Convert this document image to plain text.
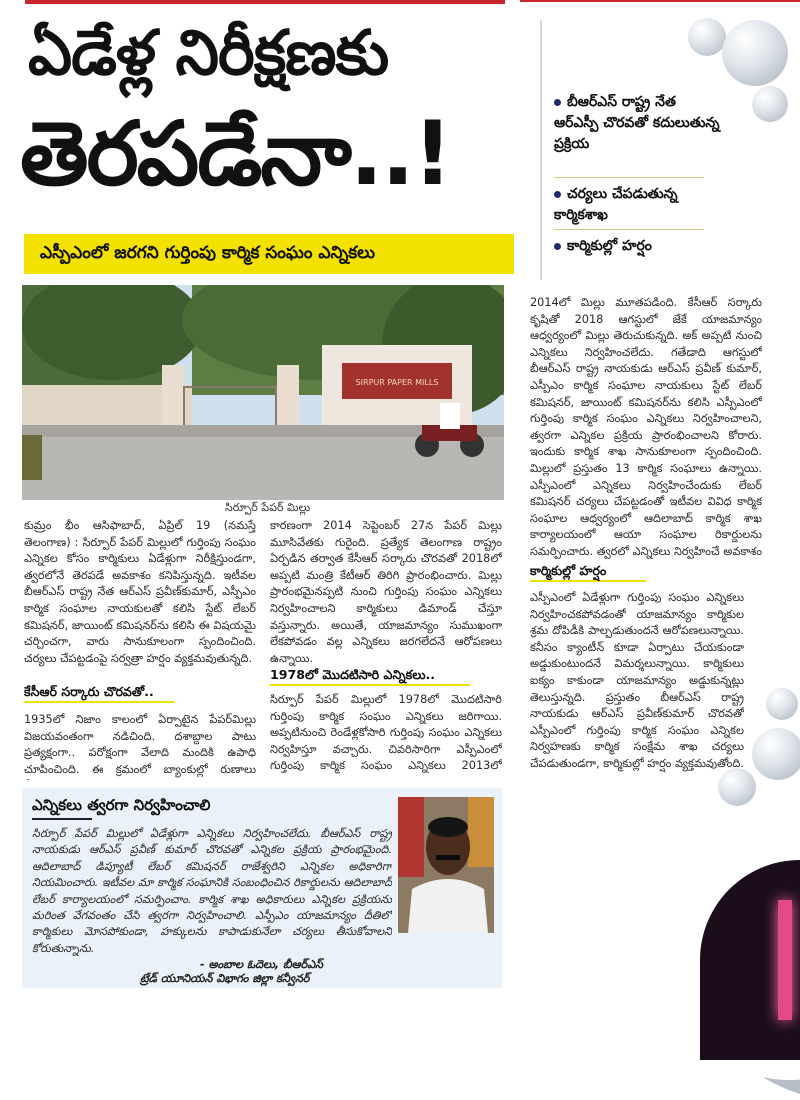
ఏడేళ్ల నిరీక్షణకు
తెరపడేనా..!
ఎస్పీఎంలో జరగని గుర్తింపు కార్మిక సంఘం ఎన్నికలు
బీఆర్ఎస్ రాష్ట్ర నేత ఆర్ఎస్పీ చొరవతో కదులుతున్న ప్రక్రియ
చర్యలు చేపడుతున్న కార్మికశాఖ
కార్మికుల్లో హర్షం
SIRPUR PAPER MILLS
సిర్పూర్ పేపర్ మిల్లు
కుమ్రం భీం ఆసిఫాబాద్, ఏప్రిల్ 19 (నమస్తే తెలంగాణ) : సిర్పూర్ పేపర్ మిల్లులో గుర్తింపు సంఘం ఎన్నికల కోసం కార్మికులు ఏడేళ్లుగా నిరీక్షిస్తుండగా, త్వరలోనే తెరపడే అవకాశం కనిపిస్తున్నది. ఇటీవల బీఆర్ఎస్ రాష్ట్ర నేత ఆర్ఎస్ ప్రవీణ్‌కుమార్, ఎస్పీఎం కార్మిక సంఘాల నాయకులతో కలిసి స్టేట్ లేబర్ కమిషనర్, జాయింట్ కమిషనర్‌ను కలిసి ఈ విషయమై చర్చించగా, వారు సానుకూలంగా స్పందించింది. చర్యలు చేపట్టడంపై సర్వత్రా హర్షం వ్యక్తమవుతున్నది.
కేసీఆర్ సర్కారు చొరవతో..
1935లో నిజాం కాలంలో ఏర్పాటైన పేపర్‌మిల్లు విజయవంతంగా నడిచింది. దశాబ్దాల పాటు ప్రత్యక్షంగా.. పరోక్షంగా వేలాది మందికి ఉపాధి చూపించింది. ఈ క్రమంలో బ్యాంకుల్లో రుణాలు
కారణంగా 2014 సెప్టెంబర్ 27న పేపర్ మిల్లు మూసివేతకు గురైంది. ప్రత్యేక తెలంగాణ రాష్ట్రం ఏర్పడిన తర్వాత కేసీఆర్ సర్కారు చొరవతో 2018లో అప్పటి మంత్రి కేటీఆర్ తిరిగి ప్రారంభించారు. మిల్లు ప్రారంభమైనప్పటి నుంచి గుర్తింపు సంఘం ఎన్నికలు నిర్వహించాలని కార్మికులు డిమాండ్ చేస్తూ వస్తున్నారు. అయితే, యాజమాన్యం సుముఖంగా లేకపోవడం వల్ల ఎన్నికలు జరగలేదనే ఆరోపణలు ఉన్నాయి.
1978లో మొదటిసారి ఎన్నికలు..
సిర్పూర్ పేపర్ మిల్లులో 1978లో మొదటిసారి గుర్తింపు కార్మిక సంఘం ఎన్నికలు జరిగాయి. అప్పటినుంచి రెండేళ్లకోసారి గుర్తింపు సంఘం ఎన్నికలు నిర్వహిస్తూ వచ్చారు. చివరిసారిగా ఎస్పీఎంలో గుర్తింపు కార్మిక సంఘం ఎన్నికలు 2013లో
2014లో మిల్లు మూతపడింది. కేసీఆర్ సర్కారు కృషితో 2018 ఆగస్టులో జేకే యాజమాన్యం ఆధ్వర్యంలో మిల్లు తెరుచుకున్నది. అక్ అప్పటి నుంచి ఎన్నికలు నిర్వహించలేదు. గతేడాది ఆగస్టులో బీఆర్ఎస్ రాష్ట్ర నాయకుడు ఆర్ఎస్ ప్రవీణ్ కుమార్, ఎస్పీఎం కార్మిక సంఘాల నాయకులు స్టేట్ లేబర్ కమిషనర్, జాయింట్ కమిషనర్‌ను కలిసి ఎస్పీఎంలో గుర్తింపు కార్మిక సంఘం ఎన్నికలు నిర్వహించాలని, త్వరగా ఎన్నికల ప్రక్రియ ప్రారంభించాలని కోరారు. ఇందుకు కార్మిక శాఖ సానుకూలంగా స్పందించింది. మిల్లులో ప్రస్తుతం 13 కార్మిక సంఘాలు ఉన్నాయి. ఎస్పీఎంలో ఎన్నికలు నిర్వహించేందుకు లేబర్ కమిషనర్ చర్యలు చేపట్టడంతో ఇటీవల వివిధ కార్మిక సంఘాల ఆధ్వర్యంలో ఆదిలాబాద్ కార్మిక శాఖ కార్యాలయంలో ఆయా సంఘాల రికార్డులను సమర్పించారు. త్వరలో ఎన్నికలు నిర్వహించే అవకాశం
కార్మికుల్లో హర్షం
ఎస్పీఎంలో ఏడేళ్లుగా గుర్తింపు సంఘం ఎన్నికలు నిర్వహించకపోవడంతో యాజమాన్యం కార్మికుల శ్రమ దోపిడీకి పాల్పడుతుందనే ఆరోపణలున్నాయి. కనీసం క్యాంటీన్ కూడా ఏర్పాటు చేయకుండా అడ్డుకుంటుందనే విమర్శలున్నాయి. కార్మికులు ఐక్యం కాకుండా యాజమాన్యం అడ్డుకున్నట్లు తెలుస్తున్నది. ప్రస్తుతం బీఆర్ఎస్ రాష్ట్ర నాయకుడు ఆర్ఎస్ ప్రవీణ్‌కుమార్ చొరవతో ఎస్పీఎంలో గుర్తింపు కార్మిక సంఘం ఎన్నికల నిర్వహణకు కార్మిక సంక్షేమ శాఖ చర్యలు చేపడుతుండగా, కార్మికుల్లో హర్షం వ్యక్తమవుతోంది.
ఎన్నికలు త్వరగా నిర్వహించాలి
సిర్పూర్ పేపర్ మిల్లులో ఏడేళ్లుగా ఎన్నికలు నిర్వహించలేదు. బీఆర్ఎస్ రాష్ట్ర నాయకుడు ఆర్ఎస్ ప్రవీణ్ కుమార్ చొరవతో ఎన్నికల ప్రక్రియ ప్రారంభమైంది. ఆదిలాబాద్ డిప్యూటీ లేబర్ కమిషనర్ రాజేశ్వరిని ఎన్నికల అధికారిగా నియమించారు. ఇటీవల మా కార్మిక సంఘానికి సంబంధించిన రికార్డులను ఆదిలాబాద్ లేబర్ కార్యాలయంలో సమర్పించాం. కార్మిక శాఖ అధికారులు ఎన్నికల ప్రక్రియను మరింత వేగవంతం చేసి త్వరగా నిర్వహించాలి. ఎస్పీఎం యాజమాన్యం దీతిలో కార్మికులు మోసపోకుండా, హక్కులను కాపాడుకునేలా చర్యలు తీసుకోవాలని కోరుతున్నాను.
- అంబాల ఓదెలు, బీఆర్ఎస్
ట్రేడ్ యూనియన్ విభాగం జిల్లా కన్వీనర్
